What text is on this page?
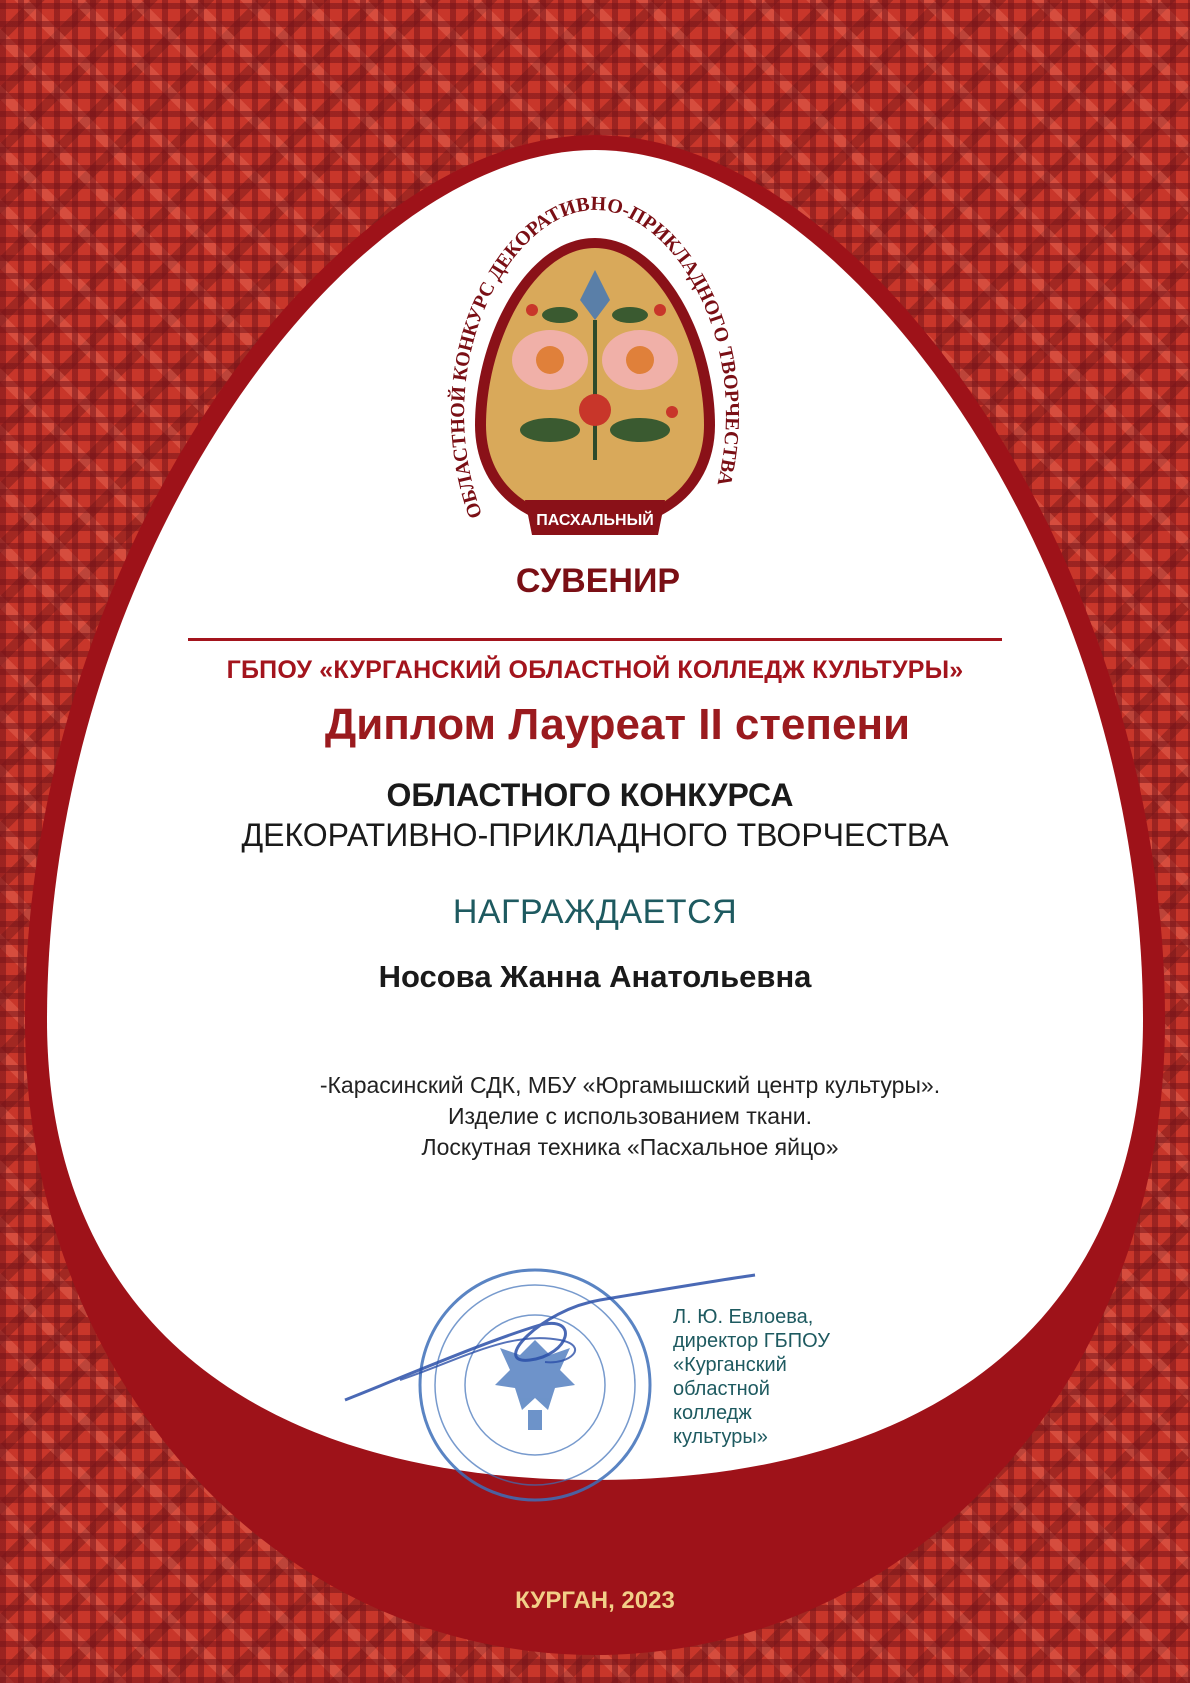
ОБЛАСТНОЙ КОНКУРС ДЕКОРАТИВНО-ПРИКЛАДНОГО ТВОРЧЕСТВА
ПАСХАЛЬНЫЙ
СУВЕНИР
ГБПОУ «КУРГАНСКИЙ ОБЛАСТНОЙ КОЛЛЕДЖ КУЛЬТУРЫ»
Диплом Лауреат II степени
ОБЛАСТНОГО КОНКУРСА
ДЕКОРАТИВНО-ПРИКЛАДНОГО ТВОРЧЕСТВА
НАГРАЖДАЕТСЯ
Носова Жанна Анатольевна
-Карасинский СДК, МБУ «Юргамышский центр культуры».
Изделие с использованием ткани.
Лоскутная техника «Пасхальное яйцо»
Л. Ю. Евлоева,
директор ГБПОУ
«Курганский
областной
колледж
культуры»
КУРГАН, 2023
